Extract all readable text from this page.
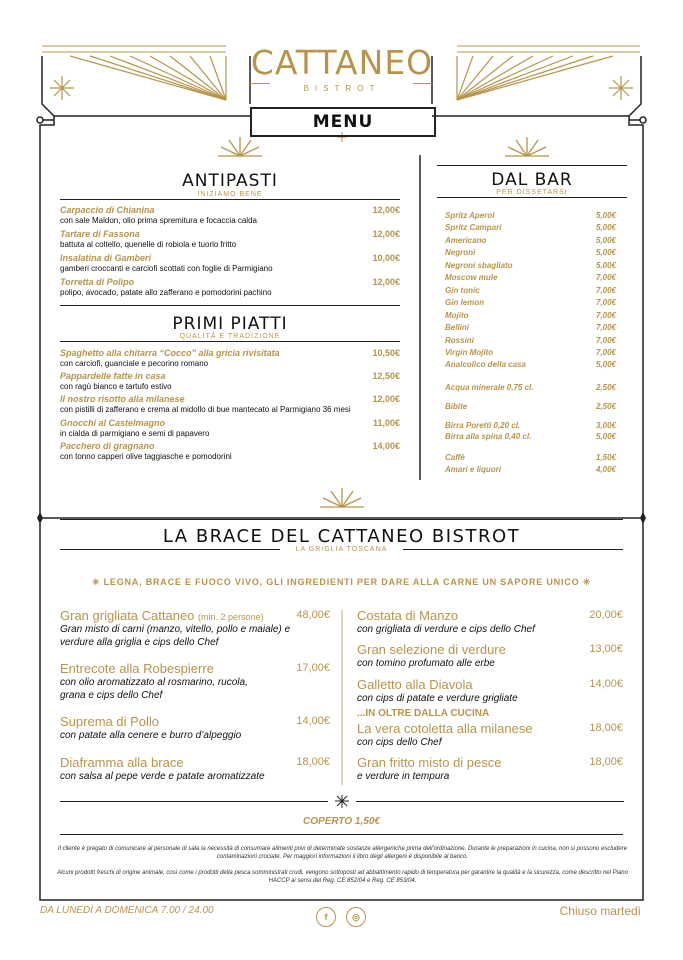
CATTANEO
BISTROT
MENU
ANTIPASTI
INIZIAMO BENE
Carpaccio di Chianina	12,00€
con sale Maldon, olio prima spremitura e focaccia calda
Tartare di Fassona	12,00€
battuta al coltello, quenelle di robiola e tuorlo fritto
Insalatina di Gamberi	10,00€
gamberi croccanti e carciofi scottati con foglie di Parmigiano
Torretta di Polipo	12,00€
polipo, avocado, patate allo zafferano e pomodorini pachino
PRIMI PIATTI
QUALITÀ E TRADIZIONE
Spaghetto alla chitarra “Cocco” alla gricia rivisitata	10,50€
con carciofi, guanciale e pecorino romano
Pappardelle fatte in casa	12,50€
con ragù bianco e tartufo estivo
Il nostro risotto alla milanese	12,00€
con pistilli di zafferano e crema al midollo di bue mantecato al Parmigiano 36 mesi
Gnocchi al Castelmagno	11,00€
in cialda di parmigiano e semi di papavero
Pacchero di gragnano	14,00€
con tonno capperi olive taggiasche e pomodorini
DAL BAR
PER DISSETARSI
Spritz Aperol	5,00€
Spritz Campari	5,00€
Americano	5,00€
Negroni	5,00€
Negroni sbagliato	5,00€
Moscow mule	7,00€
Gin tonic	7,00€
Gin lemon	7,00€
Mojito	7,00€
Bellini	7,00€
Rossini	7,00€
Virgin Mojito	7,00€
Analcolico della casa	5,00€
Acqua minerale 0,75 cl.	2,50€
Bibite	2,50€
Birra Poretti 0,20 cl.	3,00€
Birra alla spina 0,40 cl.	5,00€
Caffè	1,50€
Amari e liquori	4,00€
LA BRACE DEL CATTANEO BISTROT
LA GRIGLIA TOSCANA
✳ LEGNA, BRACE E FUOCO VIVO, GLI INGREDIENTI PER DARE ALLA CARNE UN SAPORE UNICO ✳
Gran grigliata Cattaneo (min. 2 persone)	48,00€
Gran misto di carni (manzo, vitello, pollo e maiale) e verdure alla griglia e cips dello Chef
Entrecote alla Robespierre	17,00€
con olio aromatizzato al rosmarino, rucola, grana e cips dello Chef
Suprema di Pollo	14,00€
con patate alla cenere e burro d’alpeggio
Diaframma alla brace	18,00€
con salsa al pepe verde e patate aromatizzate
Costata di Manzo	20,00€
con grigliata di verdure e cips dello Chef
Gran selezione di verdure	13,00€
con tomino profumato alle erbe
Galletto alla Diavola	14,00€
con cips di patate e verdure grigliate
...IN OLTRE DALLA CUCINA
La vera cotoletta alla milanese	18,00€
con cips dello Chef
Gran fritto misto di pesce	18,00€
e verdure in tempura
COPERTO 1,50€
Il cliente è pregato di comunicare al personale di sala la necessità di consumare alimenti privi di determinate sostanze allergeniche prima dell'ordinazione. Durante le preparazioni in cucina, non si possono escludere contaminazioni crociate. Per maggiori informazioni il libro degli allergeni è disponibile al banco.
Alcuni prodotti freschi di origine animale, così come i prodotti della pesca somministrati crudi, vengono sottoposti ad abbattimento rapido di temperatura per garantire la qualità e la sicurezza, come descritto nel Piano HACCP ai sensi del Reg. CE 852/04 e Reg. CE 853/04.
DA LUNEDÌ A DOMENICA 7.00 / 24.00
f	◎	Chiuso martedì
